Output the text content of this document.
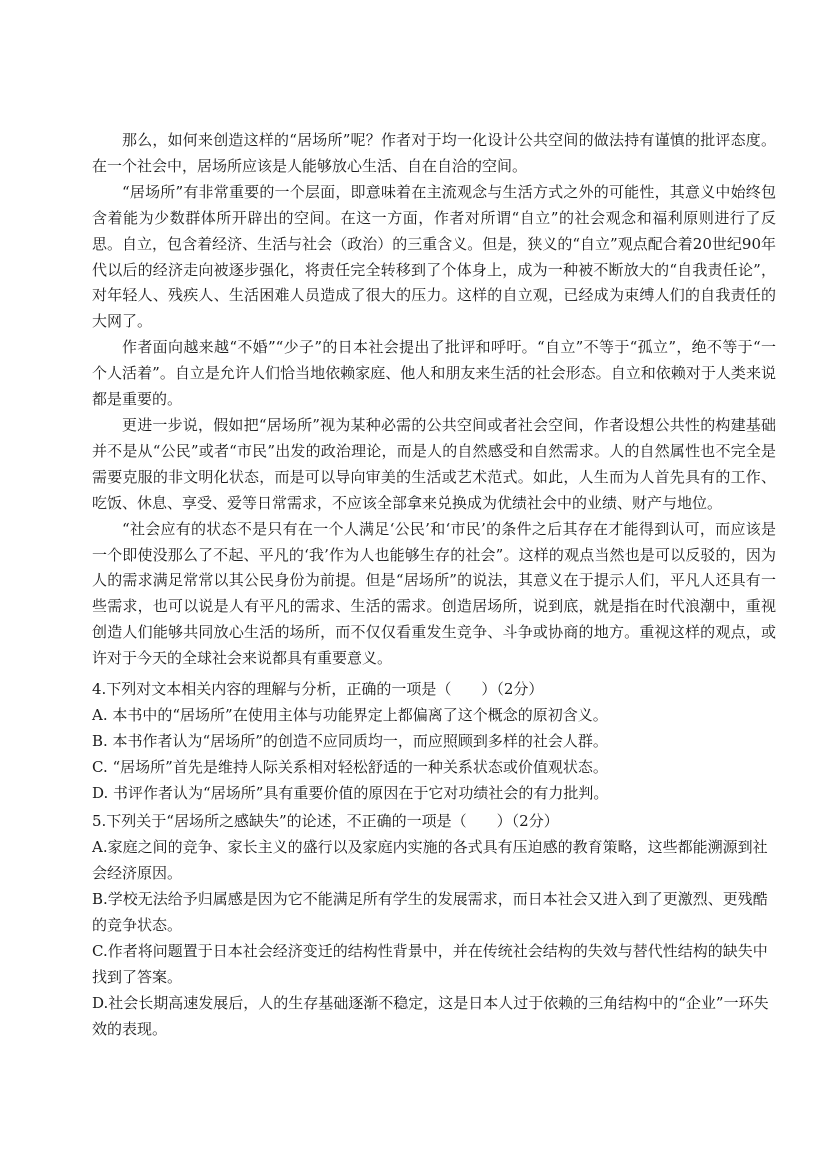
那么，如何来创造这样的“居场所”呢？作者对于均一化设计公共空间的做法持有谨慎的批评态度。在一个社会中，居场所应该是人能够放心生活、自在自洽的空间。

“居场所”有非常重要的一个层面，即意味着在主流观念与生活方式之外的可能性，其意义中始终包含着能为少数群体所开辟出的空间。在这一方面，作者对所谓“自立”的社会观念和福利原则进行了反思。自立，包含着经济、生活与社会（政治）的三重含义。但是，狭义的“自立”观点配合着20世纪90年代以后的经济走向被逐步强化，将责任完全转移到了个体身上，成为一种被不断放大的“自我责任论”，对年轻人、残疾人、生活困难人员造成了很大的压力。这样的自立观，已经成为束缚人们的自我责任的大网了。

作者面向越来越“不婚”“少子”的日本社会提出了批评和呼吁。“自立”不等于“孤立”，绝不等于“一个人活着”。自立是允许人们恰当地依赖家庭、他人和朋友来生活的社会形态。自立和依赖对于人类来说都是重要的。

更进一步说，假如把“居场所”视为某种必需的公共空间或者社会空间，作者设想公共性的构建基础并不是从“公民”或者“市民”出发的政治理论，而是人的自然感受和自然需求。人的自然属性也不完全是需要克服的非文明化状态，而是可以导向审美的生活或艺术范式。如此，人生而为人首先具有的工作、吃饭、休息、享受、爱等日常需求，不应该全部拿来兑换成为优绩社会中的业绩、财产与地位。

“社会应有的状态不是只有在一个人满足‘公民’和‘市民’的条件之后其存在才能得到认可，而应该是一个即使没那么了不起、平凡的‘我’作为人也能够生存的社会”。这样的观点当然也是可以反驳的，因为人的需求满足常常以其公民身份为前提。但是“居场所”的说法，其意义在于提示人们，平凡人还具有一些需求，也可以说是人有平凡的需求、生活的需求。创造居场所，说到底，就是指在时代浪潮中，重视创造人们能够共同放心生活的场所，而不仅仅看重发生竞争、斗争或协商的地方。重视这样的观点，或许对于今天的全球社会来说都具有重要意义。

4.下列对文本相关内容的理解与分析，正确的一项是（　　）（2分）

A. 本书中的“居场所”在使用主体与功能界定上都偏离了这个概念的原初含义。

B. 本书作者认为“居场所”的创造不应同质均一，而应照顾到多样的社会人群。

C. “居场所”首先是维持人际关系相对轻松舒适的一种关系状态或价值观状态。

D. 书评作者认为“居场所”具有重要价值的原因在于它对功绩社会的有力批判。

5.下列关于“居场所之感缺失”的论述，不正确的一项是（　　）（2分）

A.家庭之间的竞争、家长主义的盛行以及家庭内实施的各式具有压迫感的教育策略，这些都能溯源到社会经济原因。

B.学校无法给予归属感是因为它不能满足所有学生的发展需求，而日本社会又进入到了更激烈、更残酷的竞争状态。

C.作者将问题置于日本社会经济变迁的结构性背景中，并在传统社会结构的失效与替代性结构的缺失中找到了答案。

D.社会长期高速发展后，人的生存基础逐渐不稳定，这是日本人过于依赖的三角结构中的“企业”一环失效的表现。
